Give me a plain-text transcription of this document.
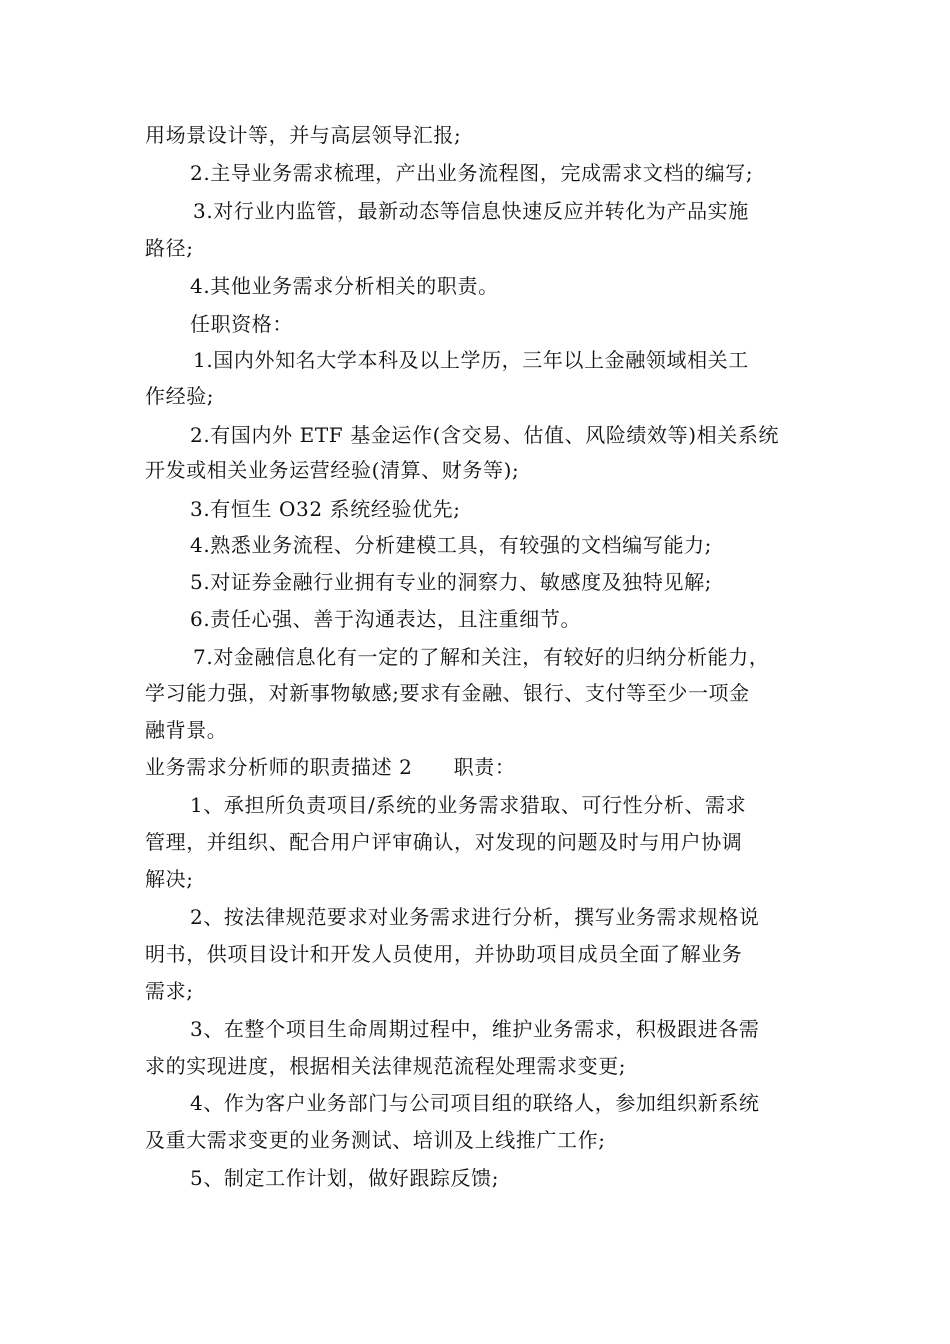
用场景设计等，并与高层领导汇报;
2.主导业务需求梳理，产出业务流程图，完成需求文档的编写;
3.对行业内监管，最新动态等信息快速反应并转化为产品实施
路径;
4.其他业务需求分析相关的职责。
任职资格：
1.国内外知名大学本科及以上学历，三年以上金融领域相关工
作经验;
2.有国内外 ETF 基金运作(含交易、估值、风险绩效等)相关系统
开发或相关业务运营经验(清算、财务等);
3.有恒生 O32 系统经验优先;
4.熟悉业务流程、分析建模工具，有较强的文档编写能力;
5.对证券金融行业拥有专业的洞察力、敏感度及独特见解;
6.责任心强、善于沟通表达，且注重细节。
7.对金融信息化有一定的了解和关注，有较好的归纳分析能力，
学习能力强，对新事物敏感;要求有金融、银行、支付等至少一项金
融背景。
业务需求分析师的职责描述 2　　职责：
1、承担所负责项目/系统的业务需求猎取、可行性分析、需求
管理，并组织、配合用户评审确认，对发现的问题及时与用户协调
解决;
2、按法律规范要求对业务需求进行分析，撰写业务需求规格说
明书，供项目设计和开发人员使用，并协助项目成员全面了解业务
需求;
3、在整个项目生命周期过程中，维护业务需求，积极跟进各需
求的实现进度，根据相关法律规范流程处理需求变更;
4、作为客户业务部门与公司项目组的联络人，参加组织新系统
及重大需求变更的业务测试、培训及上线推广工作;
5、制定工作计划，做好跟踪反馈;
